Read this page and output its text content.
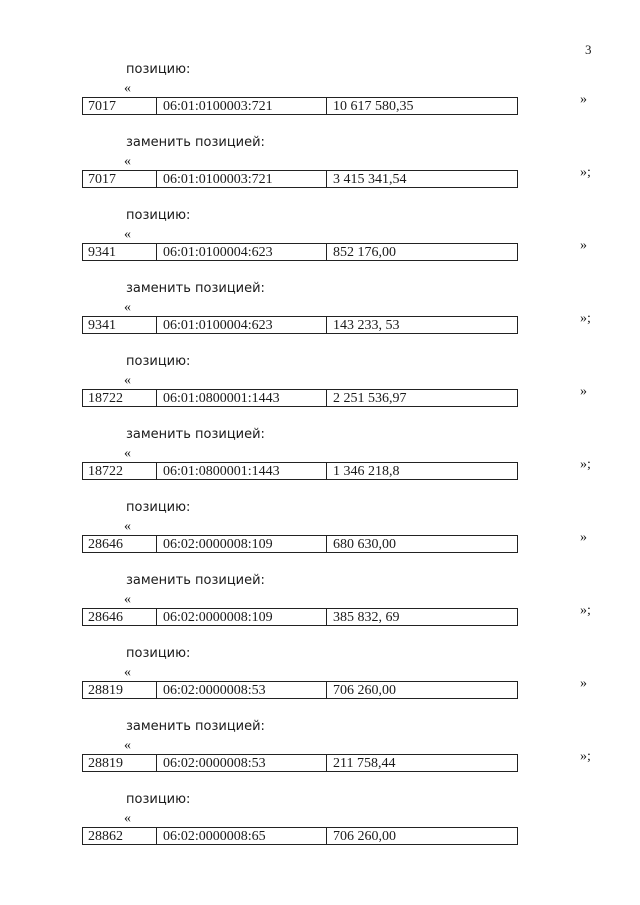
3
позицию:
«
7017	06:01:0100003:721	10 617 580,35	»
заменить позицией:
«
7017	06:01:0100003:721	3 415 341,54	»;
позицию:
«
9341	06:01:0100004:623	852 176,00	»
заменить позицией:
«
9341	06:01:0100004:623	143 233, 53	»;
позицию:
«
18722	06:01:0800001:1443	2 251 536,97	»
заменить позицией:
«
18722	06:01:0800001:1443	1 346 218,8	»;
позицию:
«
28646	06:02:0000008:109	680 630,00	»
заменить позицией:
«
28646	06:02:0000008:109	385 832, 69	»;
позицию:
«
28819	06:02:0000008:53	706 260,00	»
заменить позицией:
«
28819	06:02:0000008:53	211 758,44	»;
позицию:
«
28862	06:02:0000008:65	706 260,00
